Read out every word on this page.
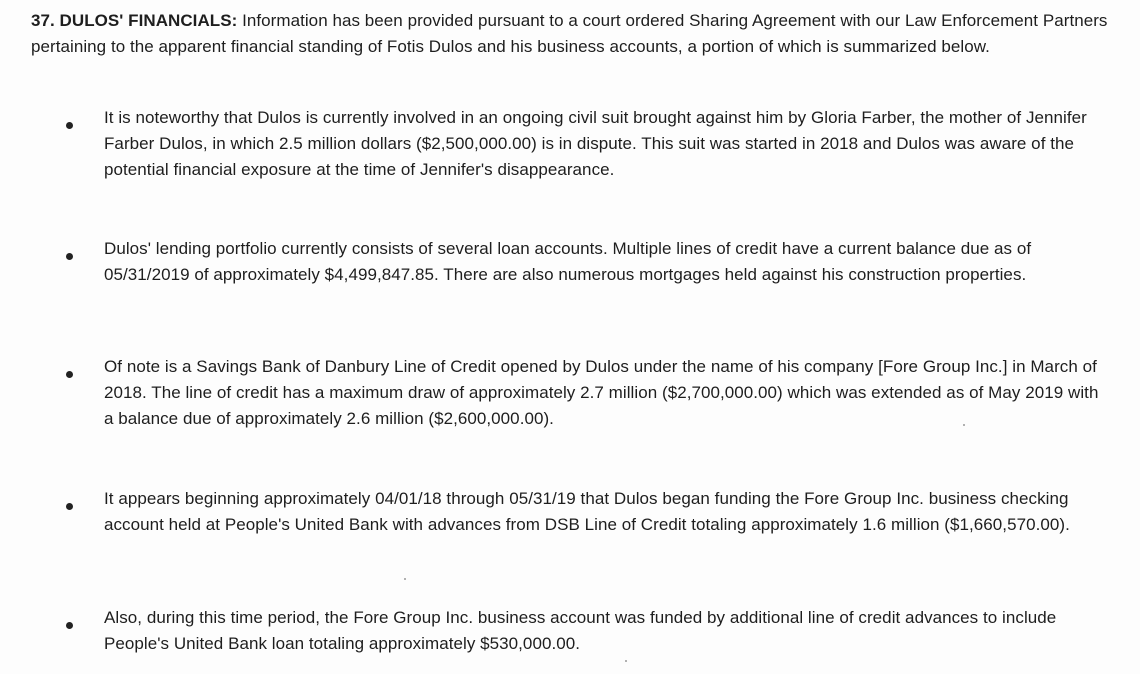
37. DULOS' FINANCIALS: Information has been provided pursuant to a court ordered Sharing Agreement with our Law Enforcement Partners pertaining to the apparent financial standing of Fotis Dulos and his business accounts, a portion of which is summarized below.

It is noteworthy that Dulos is currently involved in an ongoing civil suit brought against him by Gloria Farber, the mother of Jennifer Farber Dulos, in which 2.5 million dollars ($2,500,000.00) is in dispute. This suit was started in 2018 and Dulos was aware of the potential financial exposure at the time of Jennifer's disappearance.
Dulos' lending portfolio currently consists of several loan accounts. Multiple lines of credit have a current balance due as of 05/31/2019 of approximately $4,499,847.85. There are also numerous mortgages held against his construction properties.
Of note is a Savings Bank of Danbury Line of Credit opened by Dulos under the name of his company [Fore Group Inc.] in March of 2018. The line of credit has a maximum draw of approximately 2.7 million ($2,700,000.00) which was extended as of May 2019 with a balance due of approximately 2.6 million ($2,600,000.00).
It appears beginning approximately 04/01/18 through 05/31/19 that Dulos began funding the Fore Group Inc. business checking account held at People's United Bank with advances from DSB Line of Credit totaling approximately 1.6 million ($1,660,570.00).
Also, during this time period, the Fore Group Inc. business account was funded by additional line of credit advances to include People's United Bank loan totaling approximately $530,000.00.
